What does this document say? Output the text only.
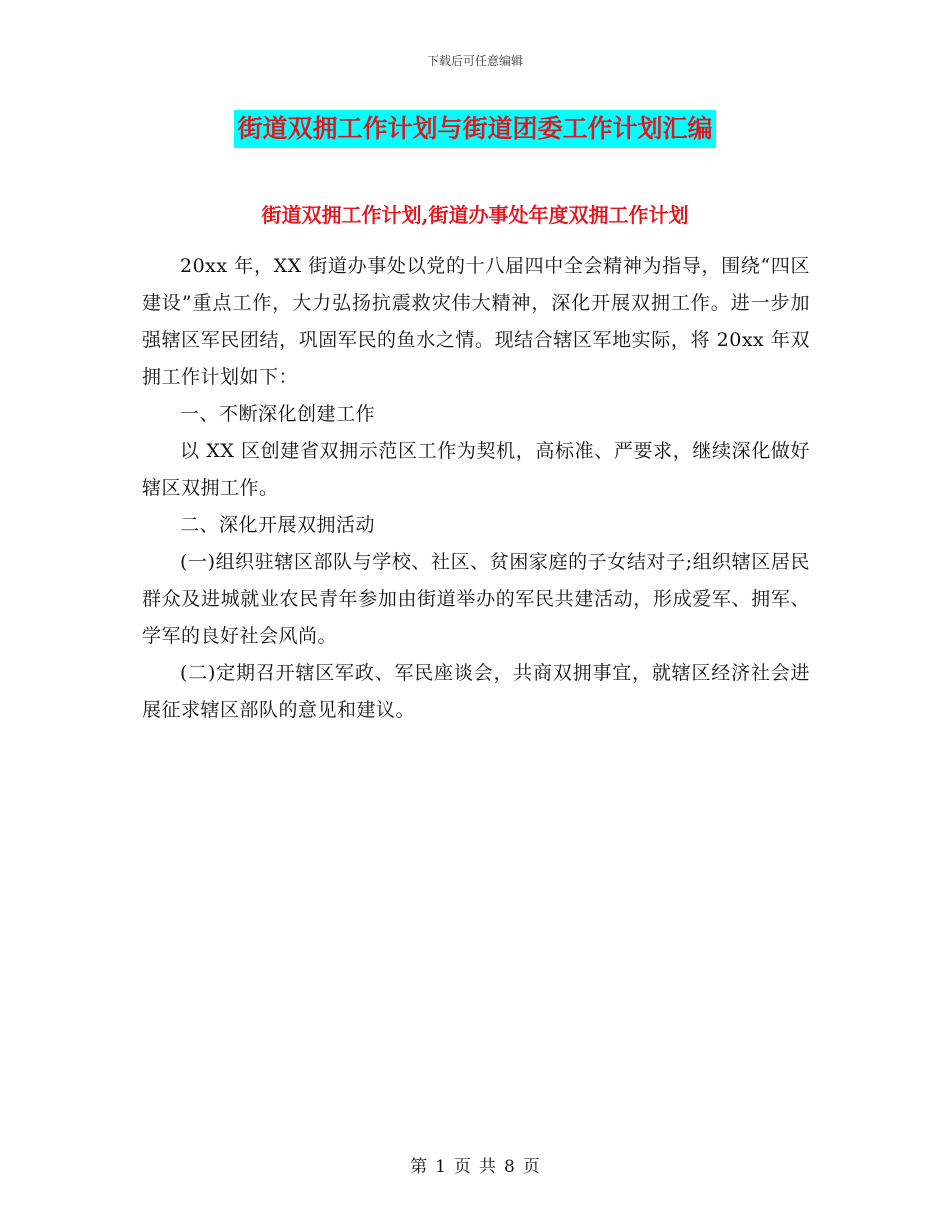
下载后可任意编辑
街道双拥工作计划与街道团委工作计划汇编
街道双拥工作计划,街道办事处年度双拥工作计划

20xx 年，XX 街道办事处以党的十八届四中全会精神为指导，围绕“四区建设”重点工作，大力弘扬抗震救灾伟大精神，深化开展双拥工作。进一步加强辖区军民团结，巩固军民的鱼水之情。现结合辖区军地实际，将 20xx 年双拥工作计划如下：

一、不断深化创建工作

以 XX 区创建省双拥示范区工作为契机，高标准、严要求，继续深化做好辖区双拥工作。

二、深化开展双拥活动

(一)组织驻辖区部队与学校、社区、贫困家庭的子女结对子;组织辖区居民群众及进城就业农民青年参加由街道举办的军民共建活动，形成爱军、拥军、学军的良好社会风尚。

(二)定期召开辖区军政、军民座谈会，共商双拥事宜，就辖区经济社会进展征求辖区部队的意见和建议。

第 1 页 共 8 页
